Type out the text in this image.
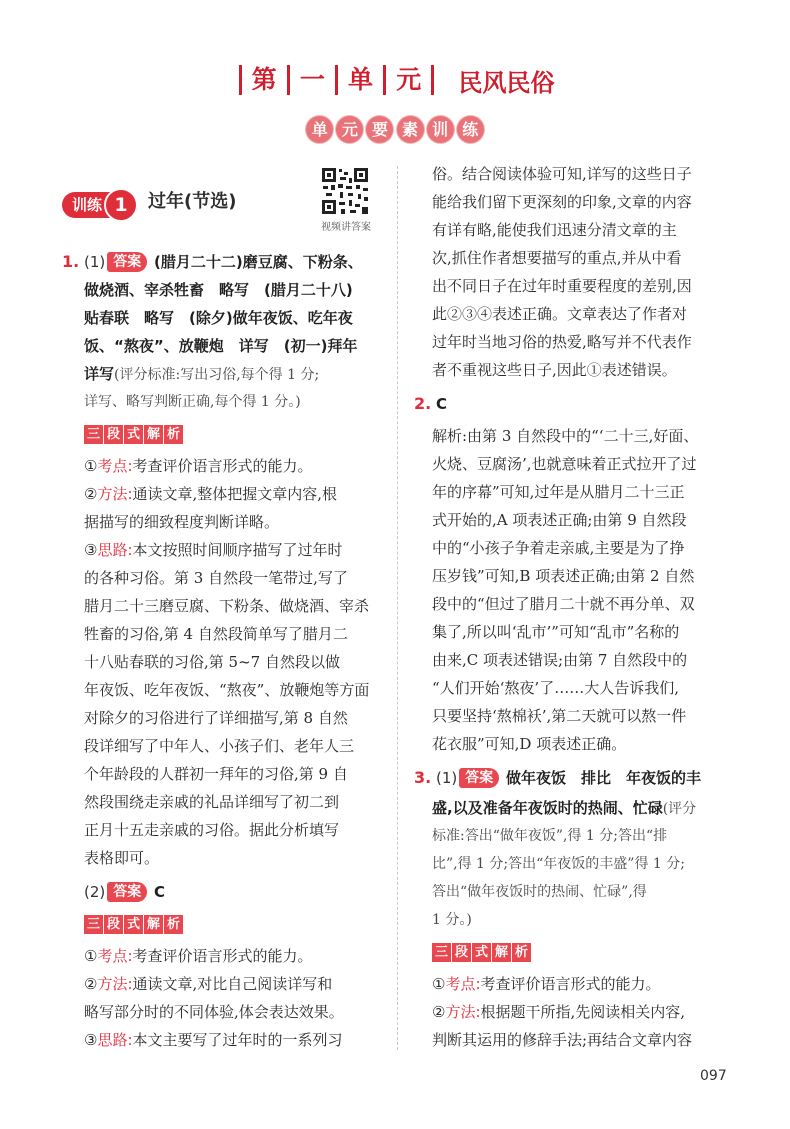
第 一 单 元 民风民俗
单 元 要 素 训 练
训练 1	过年(节选)
视频讲答案
1. (1) 答案 (腊月二十二)磨豆腐、下粉条、
做烧酒、宰杀牲畜　略写　(腊月二十八)
贴春联　略写　(除夕)做年夜饭、吃年夜
饭、“熬夜”、放鞭炮　详写　(初一)拜年
详写(评分标准:写出习俗,每个得 1 分;
详写、略写判断正确,每个得 1 分。)
三 段 式 解 析
①考点:考查评价语言形式的能力。
②方法:通读文章,整体把握文章内容,根
据描写的细致程度判断详略。
③思路:本文按照时间顺序描写了过年时
的各种习俗。第 3 自然段一笔带过,写了
腊月二十三磨豆腐、下粉条、做烧酒、宰杀
牲畜的习俗,第 4 自然段简单写了腊月二
十八贴春联的习俗,第 5~7 自然段以做
年夜饭、吃年夜饭、“熬夜”、放鞭炮等方面
对除夕的习俗进行了详细描写,第 8 自然
段详细写了中年人、小孩子们、老年人三
个年龄段的人群初一拜年的习俗,第 9 自
然段围绕走亲戚的礼品详细写了初二到
正月十五走亲戚的习俗。据此分析填写
表格即可。
(2) 答案 C
三 段 式 解 析
①考点:考查评价语言形式的能力。
②方法:通读文章,对比自己阅读详写和
略写部分时的不同体验,体会表达效果。
③思路:本文主要写了过年时的一系列习
俗。结合阅读体验可知,详写的这些日子
能给我们留下更深刻的印象,文章的内容
有详有略,能使我们迅速分清文章的主
次,抓住作者想要描写的重点,并从中看
出不同日子在过年时重要程度的差别,因
此②③④表述正确。文章表达了作者对
过年时当地习俗的热爱,略写并不代表作
者不重视这些日子,因此①表述错误。
2. C
解析:由第 3 自然段中的“‘二十三,好面、
火烧、豆腐汤’,也就意味着正式拉开了过
年的序幕”可知,过年是从腊月二十三正
式开始的,A 项表述正确;由第 9 自然段
中的“小孩子争着走亲戚,主要是为了挣
压岁钱”可知,B 项表述正确;由第 2 自然
段中的“但过了腊月二十就不再分单、双
集了,所以叫‘乱市’”可知“乱市”名称的
由来,C 项表述错误;由第 7 自然段中的
“人们开始‘熬夜’了……大人告诉我们,
只要坚持‘熬棉袄’,第二天就可以熬一件
花衣服”可知,D 项表述正确。
3. (1) 答案 做年夜饭　排比　年夜饭的丰
盛,以及准备年夜饭时的热闹、忙碌(评分
标准:答出“做年夜饭”,得 1 分;答出“排
比”,得 1 分;答出“年夜饭的丰盛”得 1 分;
答出“做年夜饭时的热闹、忙碌”,得
1 分。)
三 段 式 解 析
①考点:考查评价语言形式的能力。
②方法:根据题干所指,先阅读相关内容,
判断其运用的修辞手法;再结合文章内容
097
